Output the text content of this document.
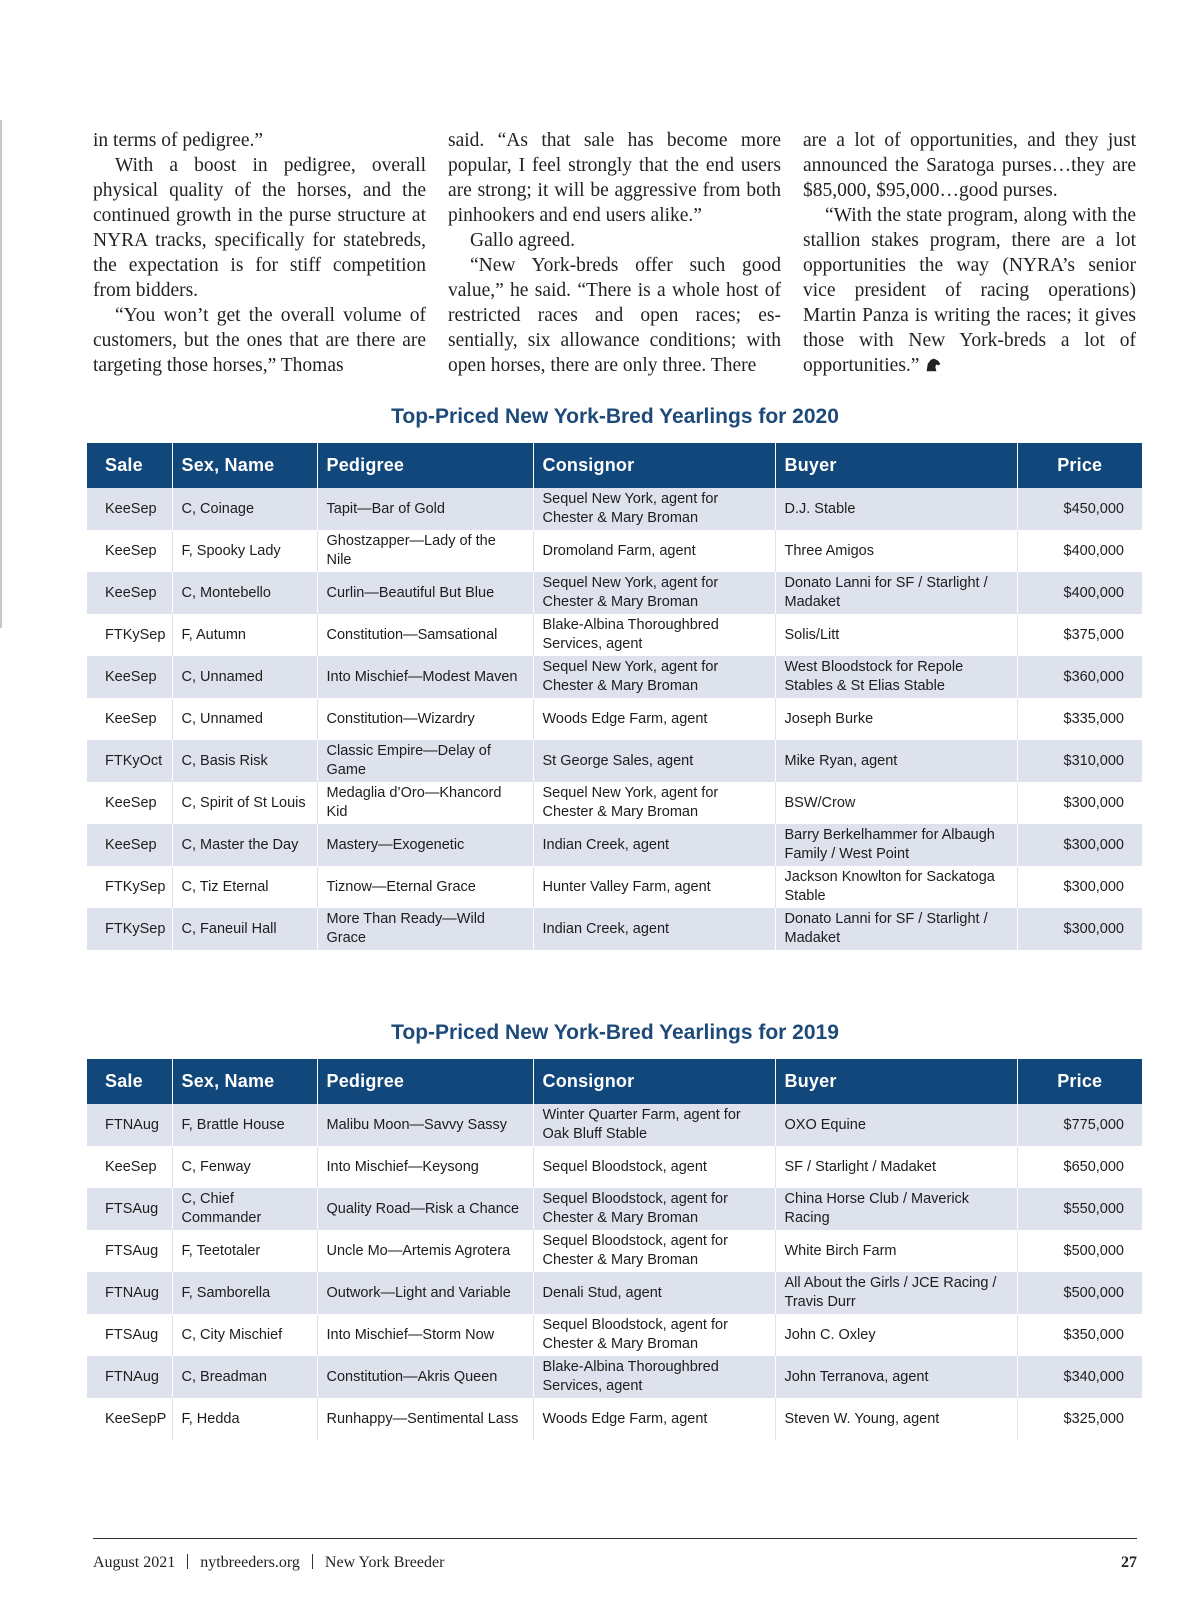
in terms of pedigree.”

With a boost in pedigree, overall physical quality of the horses, and the continued growth in the purse structure at NYRA tracks, specifically for statebreds, the expectation is for stiff competition from bidders.

“You won’t get the overall volume of customers, but the ones that are there are targeting those horses,” Thomas

said. “As that sale has become more popular, I feel strongly that the end users are strong; it will be aggressive from both pinhookers and end users alike.”

Gallo agreed.

“New York-breds offer such good value,” he said. “There is a whole host of restricted races and open races; essentially, six allowance conditions; with open horses, there are only three. There

are a lot of opportunities, and they just announced the Saratoga purses…they are $85,000, $95,000…good purses.

“With the state program, along with the stallion stakes program, there are a lot opportunities the way (NYRA’s senior vice president of racing operations) Martin Panza is writing the races; it gives those with New York-breds a lot of opportunities.”

Top-Priced New York-Bred Yearlings for 2020
Sale	Sex, Name	Pedigree	Consignor	Buyer	Price
KeeSep	C, Coinage	Tapit—Bar of Gold	Sequel New York, agent for Chester & Mary Broman	D.J. Stable	$450,000
KeeSep	F, Spooky Lady	Ghostzapper—Lady of the Nile	Dromoland Farm, agent	Three Amigos	$400,000
KeeSep	C, Montebello	Curlin—Beautiful But Blue	Sequel New York, agent for Chester & Mary Broman	Donato Lanni for SF / Starlight / Madaket	$400,000
FTKySep	F, Autumn	Constitution—Samsational	Blake-Albina Thoroughbred Services, agent	Solis/Litt	$375,000
KeeSep	C, Unnamed	Into Mischief—Modest Maven	Sequel New York, agent for Chester & Mary Broman	West Bloodstock for Repole Stables & St Elias Stable	$360,000
KeeSep	C, Unnamed	Constitution—Wizardry	Woods Edge Farm, agent	Joseph Burke	$335,000
FTKyOct	C, Basis Risk	Classic Empire—Delay of Game	St George Sales, agent	Mike Ryan, agent	$310,000
KeeSep	C, Spirit of St Louis	Medaglia d’Oro—Khancord Kid	Sequel New York, agent for Chester & Mary Broman	BSW/Crow	$300,000
KeeSep	C, Master the Day	Mastery—Exogenetic	Indian Creek, agent	Barry Berkelhammer for Albaugh Family / West Point	$300,000
FTKySep	C, Tiz Eternal	Tiznow—Eternal Grace	Hunter Valley Farm, agent	Jackson Knowlton for Sackatoga Stable	$300,000
FTKySep	C, Faneuil Hall	More Than Ready—Wild Grace	Indian Creek, agent	Donato Lanni for SF / Starlight / Madaket	$300,000
Top-Priced New York-Bred Yearlings for 2019
Sale	Sex, Name	Pedigree	Consignor	Buyer	Price
FTNAug	F, Brattle House	Malibu Moon—Savvy Sassy	Winter Quarter Farm, agent for Oak Bluff Stable	OXO Equine	$775,000
KeeSep	C, Fenway	Into Mischief—Keysong	Sequel Bloodstock, agent	SF / Starlight / Madaket	$650,000
FTSAug	C, Chief Commander	Quality Road—Risk a Chance	Sequel Bloodstock, agent for Chester & Mary Broman	China Horse Club / Maverick Racing	$550,000
FTSAug	F, Teetotaler	Uncle Mo—Artemis Agrotera	Sequel Bloodstock, agent for Chester & Mary Broman	White Birch Farm	$500,000
FTNAug	F, Samborella	Outwork—Light and Variable	Denali Stud, agent	All About the Girls / JCE Racing / Travis Durr	$500,000
FTSAug	C, City Mischief	Into Mischief—Storm Now	Sequel Bloodstock, agent for Chester & Mary Broman	John C. Oxley	$350,000
FTNAug	C, Breadman	Constitution—Akris Queen	Blake-Albina Thoroughbred Services, agent	John Terranova, agent	$340,000
KeeSepP	F, Hedda	Runhappy—Sentimental Lass	Woods Edge Farm, agent	Steven W. Young, agent	$325,000
August 2021 nytbreeders.org New York Breeder	27
